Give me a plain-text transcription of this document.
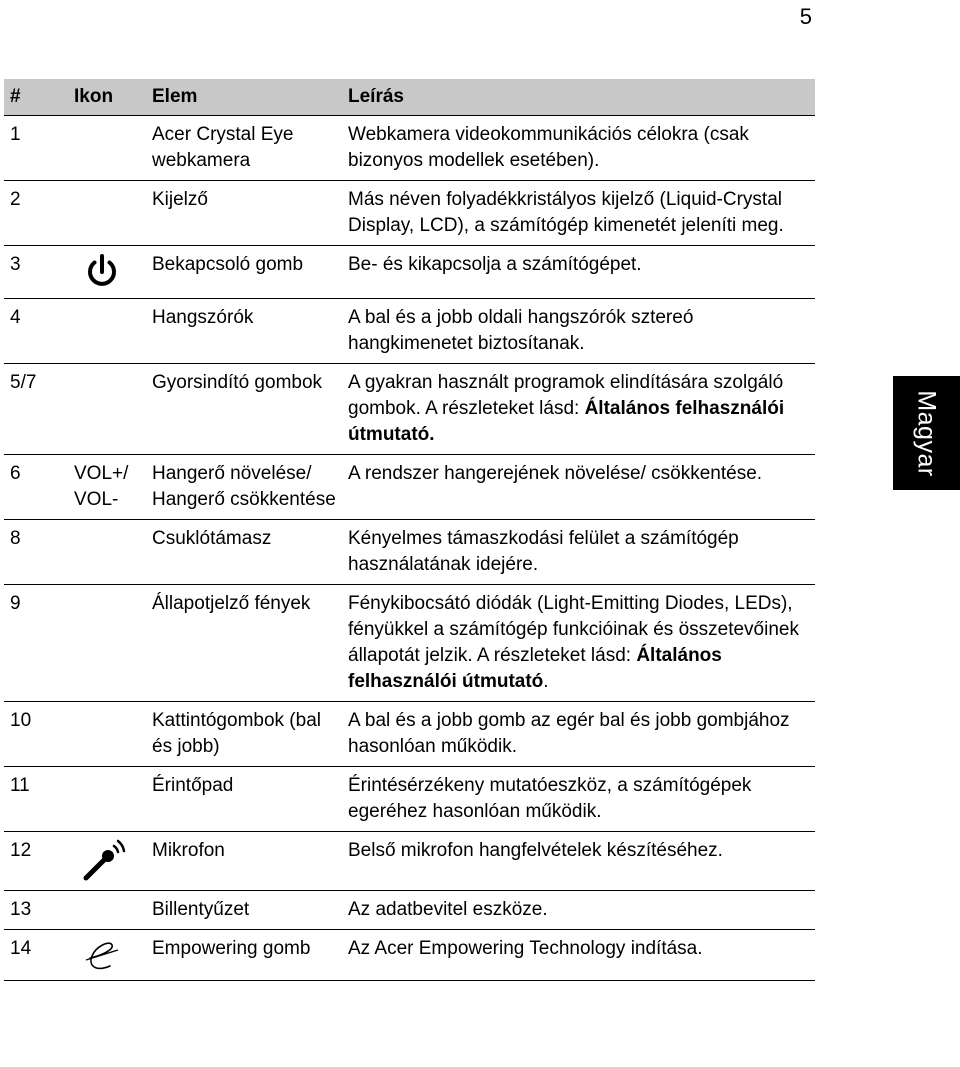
5
Magyar
#	Ikon	Elem	Leírás
1		Acer Crystal Eye webkamera	Webkamera videokommunikációs célokra (csak bizonyos modellek esetében).
2		Kijelző	Más néven folyadékkristályos kijelző (Liquid-Crystal Display, LCD), a számítógép kimenetét jeleníti meg.
3		Bekapcsoló gomb	Be- és kikapcsolja a számítógépet.
4		Hangszórók	A bal és a jobb oldali hangszórók sztereó hangkimenetet biztosítanak.
5/7		Gyorsindító gombok	A gyakran használt programok elindítására szolgáló gombok. A részleteket lásd: Általános felhasználói útmutató.
6	VOL+/ VOL-	Hangerő növelése/ Hangerő csökkentése	A rendszer hangerejének növelése/ csökkentése.
8		Csuklótámasz	Kényelmes támaszkodási felület a számítógép használatának idejére.
9		Állapotjelző fények	Fénykibocsátó diódák (Light-Emitting Diodes, LEDs), fényükkel a számítógép funkcióinak és összetevőinek állapotát jelzik. A részleteket lásd: Általános felhasználói útmutató.
10		Kattintógombok (bal és jobb)	A bal és a jobb gomb az egér bal és jobb gombjához hasonlóan működik.
11		Érintőpad	Érintésérzékeny mutatóeszköz, a számítógépek egeréhez hasonlóan működik.
12		Mikrofon	Belső mikrofon hangfelvételek készítéséhez.
13		Billentyűzet	Az adatbevitel eszköze.
14		Empowering gomb	Az Acer Empowering Technology indítása.
